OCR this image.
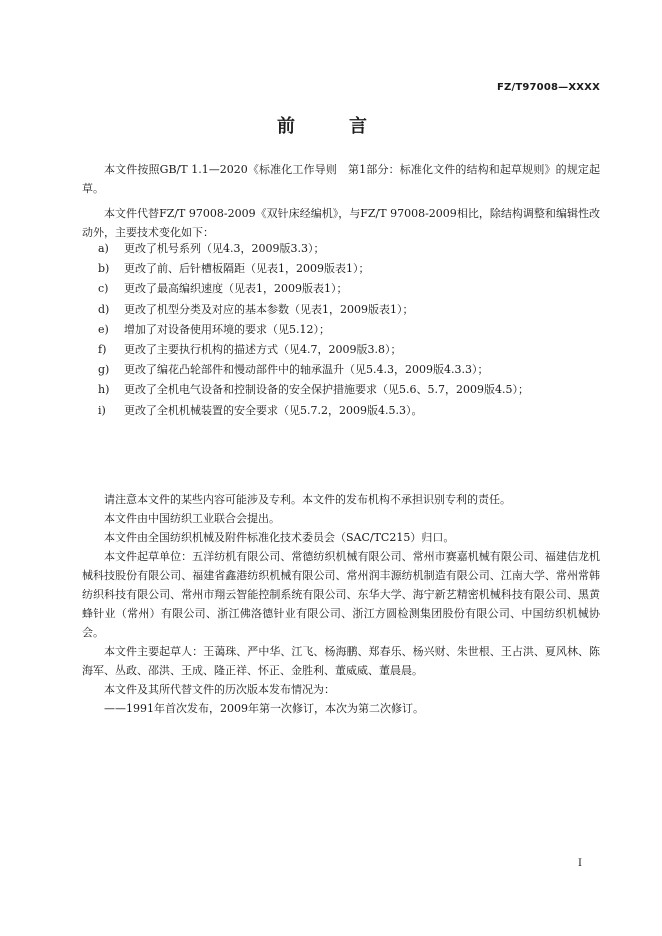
FZ/T97008—XXXX
前　言

本文件按照GB/T 1.1—2020《标准化工作导则　第1部分：标准化文件的结构和起草规则》的规定起草。

本文件代替FZ/T 97008-2009《双针床经编机》，与FZ/T 97008-2009相比，除结构调整和编辑性改动外，主要技术变化如下：

a) 更改了机号系列（见4.3，2009版3.3）；
b) 更改了前、后针槽板隔距（见表1，2009版表1）；
c) 更改了最高编织速度（见表1，2009版表1）；
d) 更改了机型分类及对应的基本参数（见表1，2009版表1）；
e) 增加了对设备使用环境的要求（见5.12）；
f) 更改了主要执行机构的描述方式（见4.7，2009版3.8）；
g) 更改了编花凸轮部件和慢动部件中的轴承温升（见5.4.3，2009版4.3.3）；
h) 更改了全机电气设备和控制设备的安全保护措施要求（见5.6、5.7，2009版4.5）；
i) 更改了全机机械装置的安全要求（见5.7.2，2009版4.5.3）。

请注意本文件的某些内容可能涉及专利。本文件的发布机构不承担识别专利的责任。

本文件由中国纺织工业联合会提出。

本文件由全国纺织机械及附件标准化技术委员会（SAC/TC215）归口。

本文件起草单位：五洋纺机有限公司、常德纺织机械有限公司、常州市赛嘉机械有限公司、福建佶龙机械科技股份有限公司、福建省鑫港纺织机械有限公司、常州润丰源纺机制造有限公司、江南大学、常州常韩纺织科技有限公司、常州市翔云智能控制系统有限公司、东华大学、海宁新艺精密机械科技有限公司、黑黄蜂针业（常州）有限公司、浙江佛洛德针业有限公司、浙江方圆检测集团股份有限公司、中国纺织机械协会。

本文件主要起草人：王蔼珠、严中华、江飞、杨海鹏、郑春乐、杨兴财、朱世根、王占洪、夏风林、陈海军、丛政、邵洪、王成、隆正祥、怀正、金胜利、董威威、董晨晨。

本文件及其所代替文件的历次版本发布情况为：

——1991年首次发布，2009年第一次修订，本次为第二次修订。

I
